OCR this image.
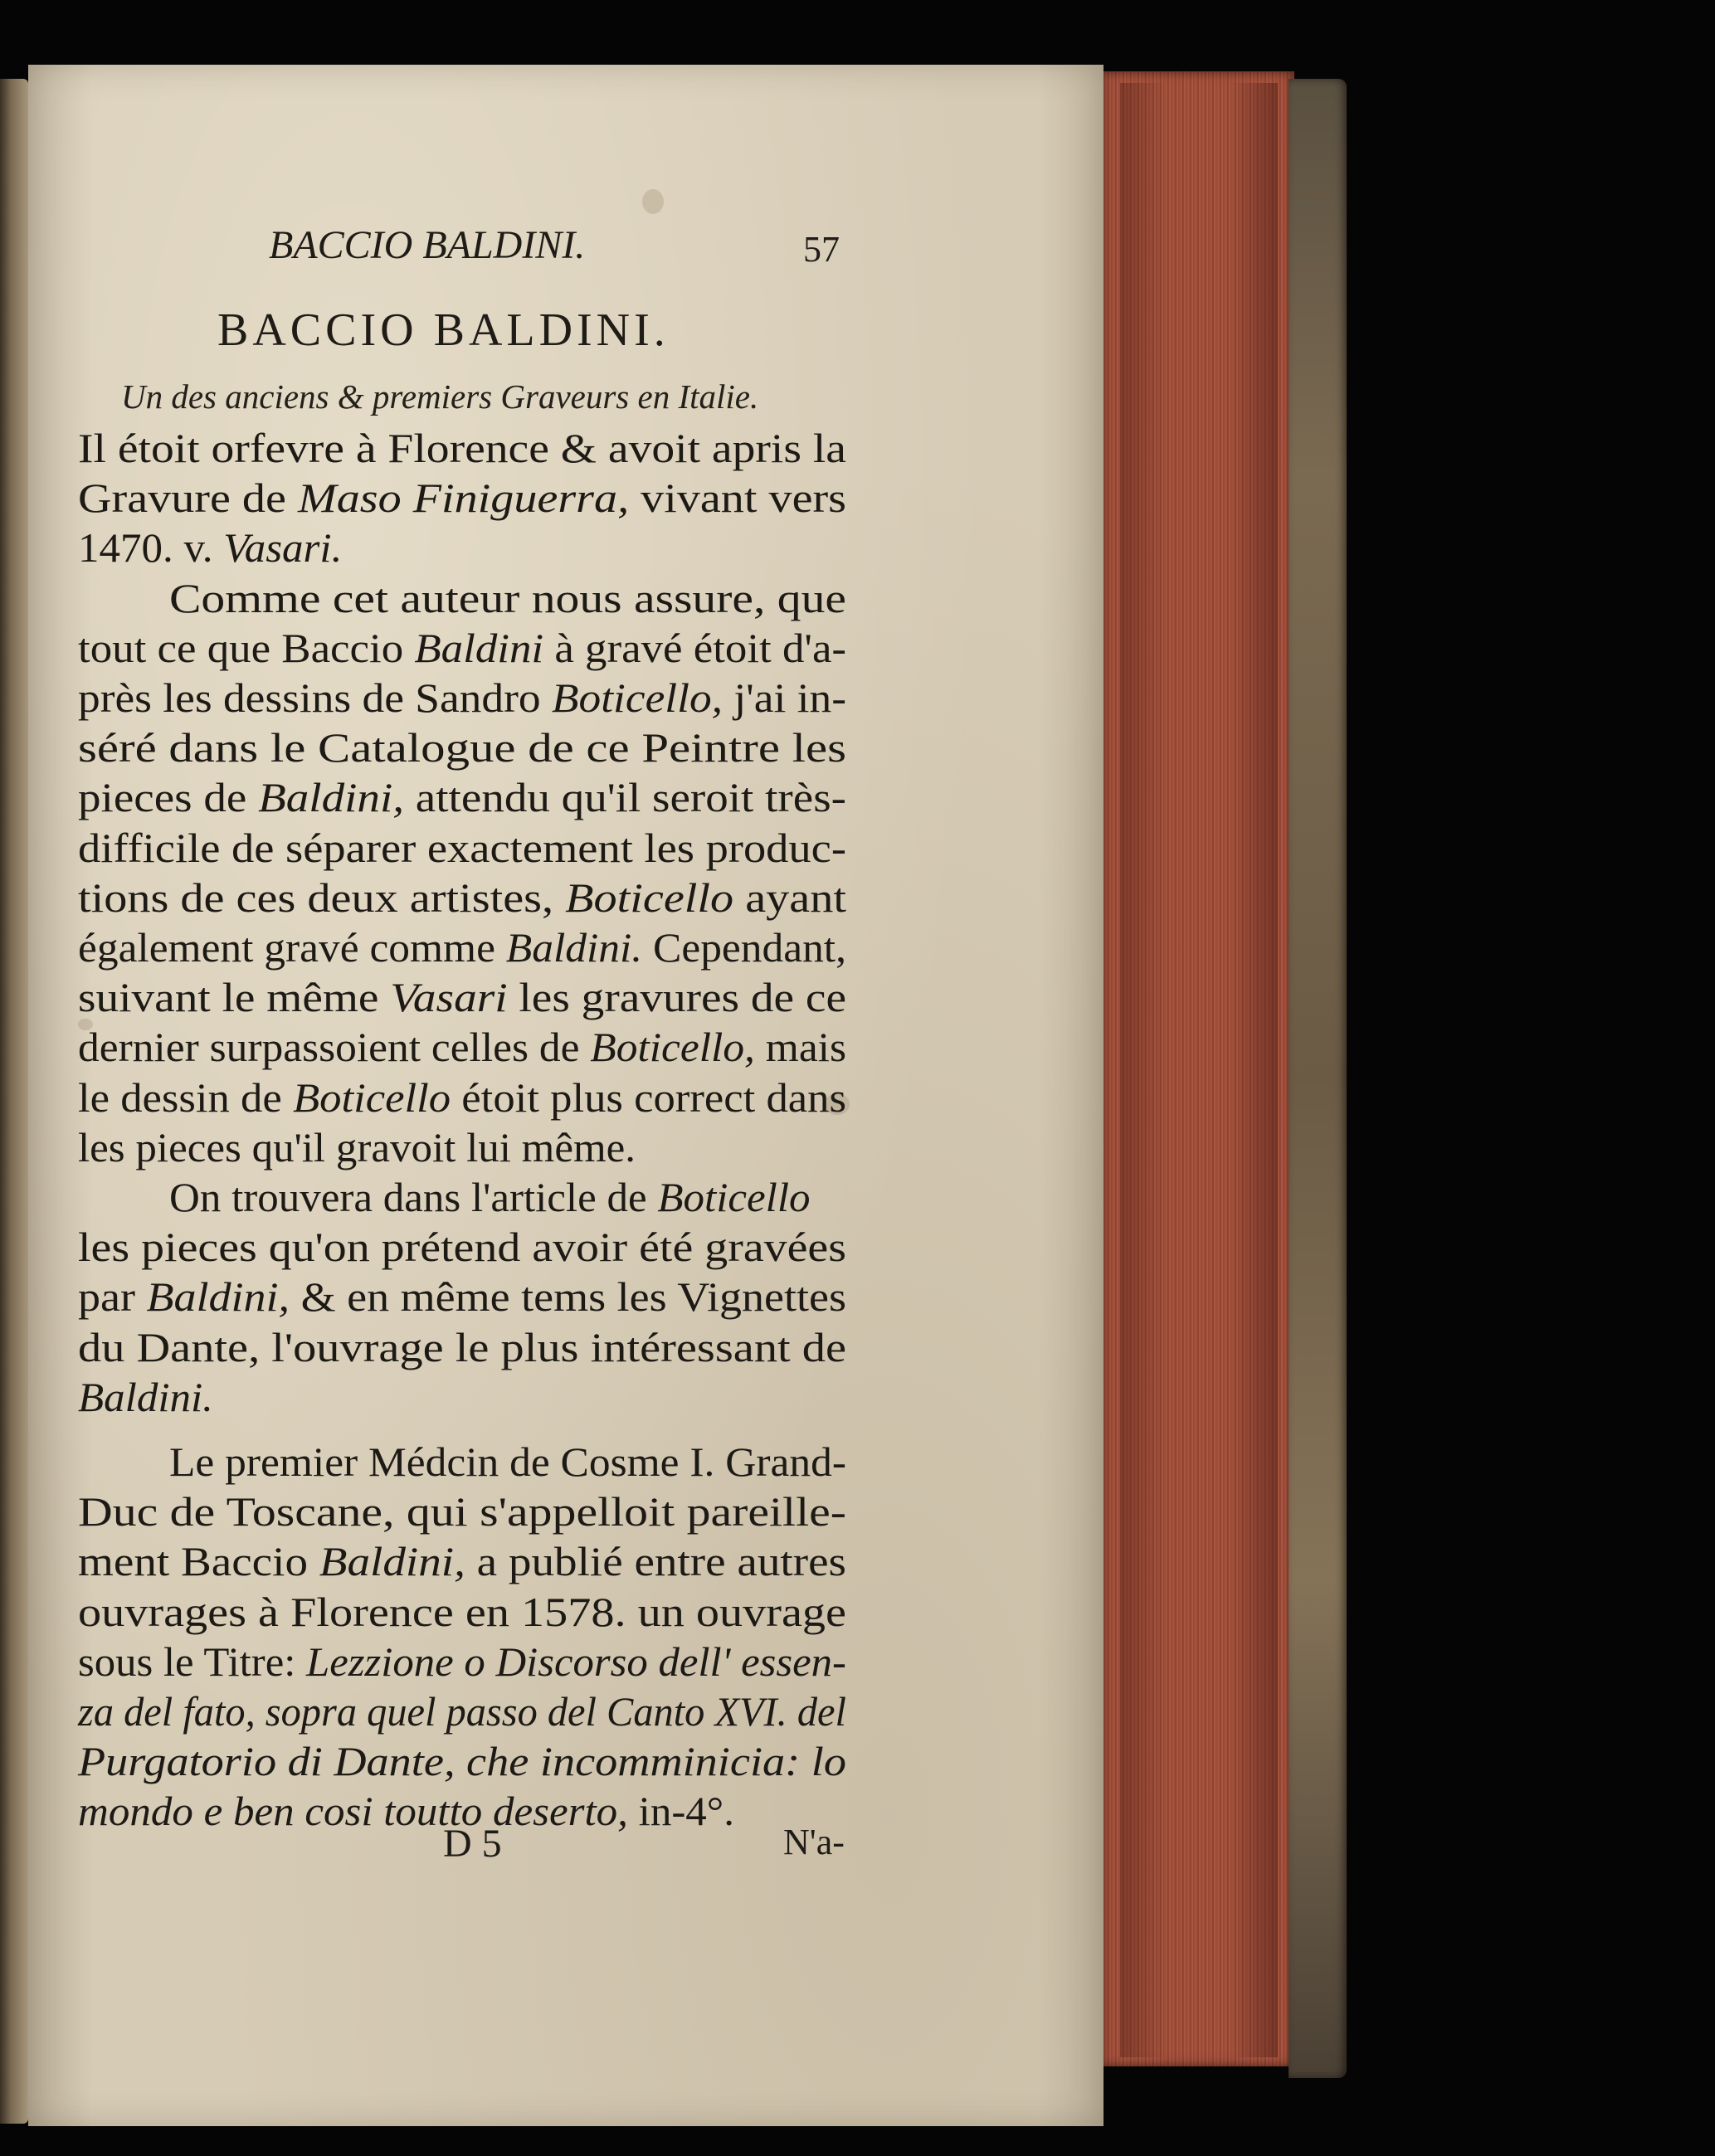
BACCIO BALDINI.	57
BACCIO BALDINI.
Un des anciens & premiers Graveurs en Italie.
Il étoit orfevre à Florence & avoit apris la
Gravure de Maso Finiguerra, vivant vers
1470. v. Vasari.
Comme cet auteur nous assure, que
tout ce que Baccio Baldini à gravé étoit d'a-
près les dessins de Sandro Boticello, j'ai in-
séré dans le Catalogue de ce Peintre les
pieces de Baldini, attendu qu'il seroit très-
difficile de séparer exactement les produc-
tions de ces deux artistes, Boticello ayant
également gravé comme Baldini. Cependant,
suivant le même Vasari les gravures de ce
dernier surpassoient celles de Boticello, mais
le dessin de Boticello étoit plus correct dans
les pieces qu'il gravoit lui même.
On trouvera dans l'article de Boticello
les pieces qu'on prétend avoir été gravées
par Baldini, & en même tems les Vignettes
du Dante, l'ouvrage le plus intéressant de
Baldini.
Le premier Médcin de Cosme I. Grand-
Duc de Toscane, qui s'appelloit pareille-
ment Baccio Baldini, a publié entre autres
ouvrages à Florence en 1578. un ouvrage
sous le Titre: Lezzione o Discorso dell' essen-
za del fato, sopra quel passo del Canto XVI. del
Purgatorio di Dante, che incomminicia: lo
mondo e ben cosi toutto deserto, in-4°.
D 5	N'a-
